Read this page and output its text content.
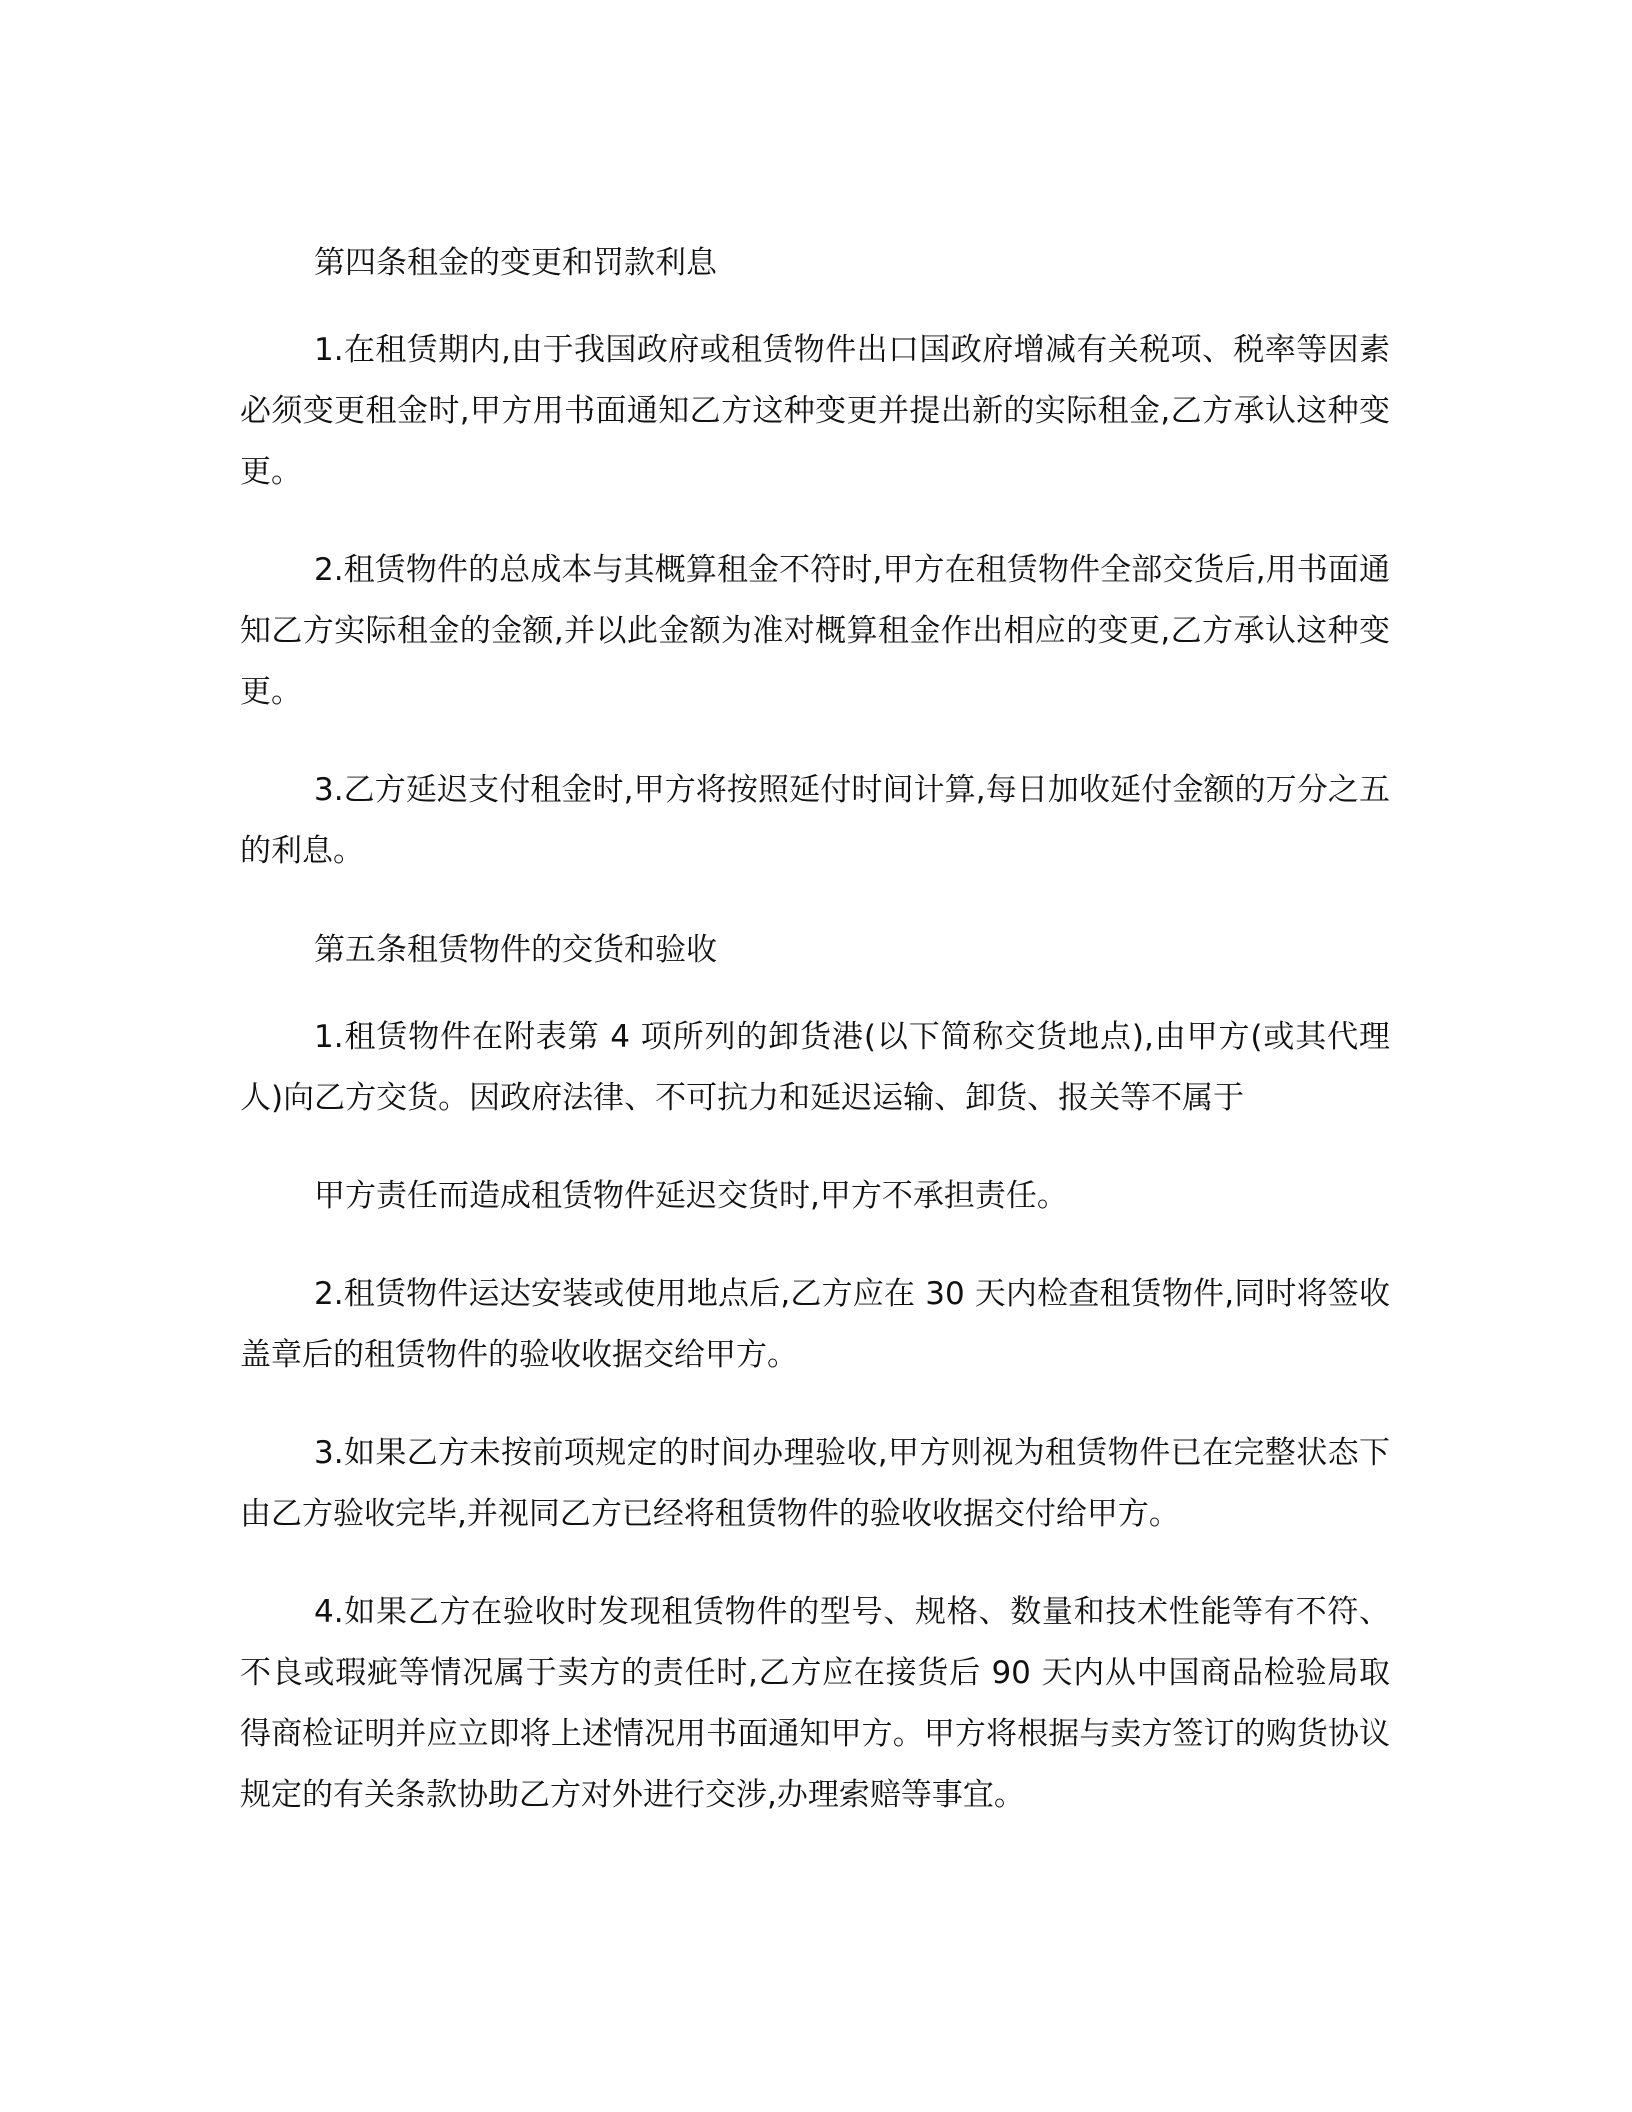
第四条租金的变更和罚款利息

1.在租赁期内,由于我国政府或租赁物件出口国政府增减有关税项、税率等因素必须变更租金时,甲方用书面通知乙方这种变更并提出新的实际租金,乙方承认这种变更。

2.租赁物件的总成本与其概算租金不符时,甲方在租赁物件全部交货后,用书面通知乙方实际租金的金额,并以此金额为准对概算租金作出相应的变更,乙方承认这种变更。

3.乙方延迟支付租金时,甲方将按照延付时间计算,每日加收延付金额的万分之五的利息。

第五条租赁物件的交货和验收

1.租赁物件在附表第 4 项所列的卸货港(以下简称交货地点),由甲方(或其代理人)向乙方交货。因政府法律、不可抗力和延迟运输、卸货、报关等不属于

甲方责任而造成租赁物件延迟交货时,甲方不承担责任。

2.租赁物件运达安装或使用地点后,乙方应在 30 天内检查租赁物件,同时将签收盖章后的租赁物件的验收收据交给甲方。

3.如果乙方未按前项规定的时间办理验收,甲方则视为租赁物件已在完整状态下由乙方验收完毕,并视同乙方已经将租赁物件的验收收据交付给甲方。

4.如果乙方在验收时发现租赁物件的型号、规格、数量和技术性能等有不符、不良或瑕疵等情况属于卖方的责任时,乙方应在接货后 90 天内从中国商品检验局取得商检证明并应立即将上述情况用书面通知甲方。甲方将根据与卖方签订的购货协议规定的有关条款协助乙方对外进行交涉,办理索赔等事宜。
